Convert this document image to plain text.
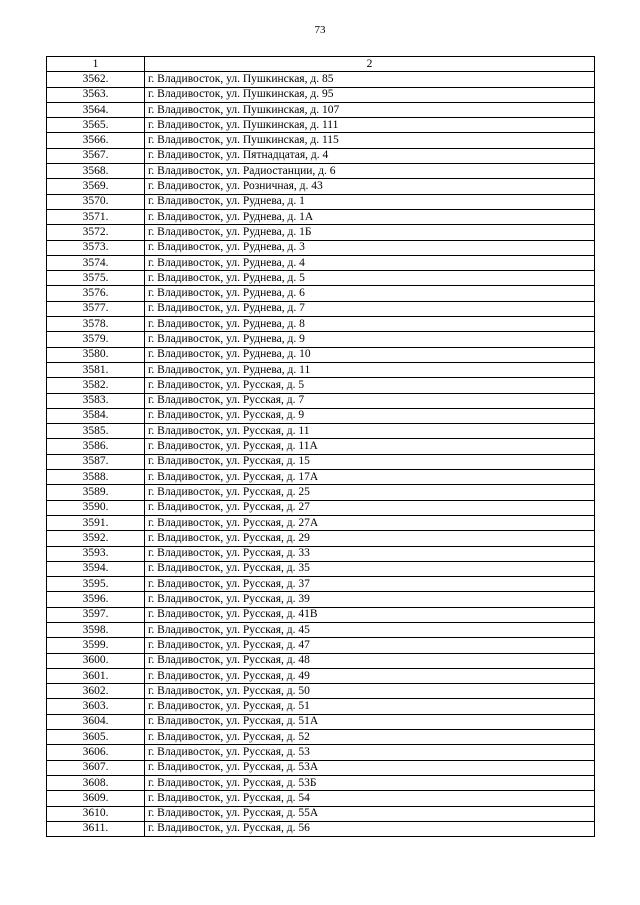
73
1	2
3562.	г. Владивосток, ул. Пушкинская, д. 85
3563.	г. Владивосток, ул. Пушкинская, д. 95
3564.	г. Владивосток, ул. Пушкинская, д. 107
3565.	г. Владивосток, ул. Пушкинская, д. 111
3566.	г. Владивосток, ул. Пушкинская, д. 115
3567.	г. Владивосток, ул. Пятнадцатая, д. 4
3568.	г. Владивосток, ул. Радиостанции, д. 6
3569.	г. Владивосток, ул. Розничная, д. 43
3570.	г. Владивосток, ул. Руднева, д. 1
3571.	г. Владивосток, ул. Руднева, д. 1А
3572.	г. Владивосток, ул. Руднева, д. 1Б
3573.	г. Владивосток, ул. Руднева, д. 3
3574.	г. Владивосток, ул. Руднева, д. 4
3575.	г. Владивосток, ул. Руднева, д. 5
3576.	г. Владивосток, ул. Руднева, д. 6
3577.	г. Владивосток, ул. Руднева, д. 7
3578.	г. Владивосток, ул. Руднева, д. 8
3579.	г. Владивосток, ул. Руднева, д. 9
3580.	г. Владивосток, ул. Руднева, д. 10
3581.	г. Владивосток, ул. Руднева, д. 11
3582.	г. Владивосток, ул. Русская, д. 5
3583.	г. Владивосток, ул. Русская, д. 7
3584.	г. Владивосток, ул. Русская, д. 9
3585.	г. Владивосток, ул. Русская, д. 11
3586.	г. Владивосток, ул. Русская, д. 11А
3587.	г. Владивосток, ул. Русская, д. 15
3588.	г. Владивосток, ул. Русская, д. 17А
3589.	г. Владивосток, ул. Русская, д. 25
3590.	г. Владивосток, ул. Русская, д. 27
3591.	г. Владивосток, ул. Русская, д. 27А
3592.	г. Владивосток, ул. Русская, д. 29
3593.	г. Владивосток, ул. Русская, д. 33
3594.	г. Владивосток, ул. Русская, д. 35
3595.	г. Владивосток, ул. Русская, д. 37
3596.	г. Владивосток, ул. Русская, д. 39
3597.	г. Владивосток, ул. Русская, д. 41В
3598.	г. Владивосток, ул. Русская, д. 45
3599.	г. Владивосток, ул. Русская, д. 47
3600.	г. Владивосток, ул. Русская, д. 48
3601.	г. Владивосток, ул. Русская, д. 49
3602.	г. Владивосток, ул. Русская, д. 50
3603.	г. Владивосток, ул. Русская, д. 51
3604.	г. Владивосток, ул. Русская, д. 51А
3605.	г. Владивосток, ул. Русская, д. 52
3606.	г. Владивосток, ул. Русская, д. 53
3607.	г. Владивосток, ул. Русская, д. 53А
3608.	г. Владивосток, ул. Русская, д. 53Б
3609.	г. Владивосток, ул. Русская, д. 54
3610.	г. Владивосток, ул. Русская, д. 55А
3611.	г. Владивосток, ул. Русская, д. 56
